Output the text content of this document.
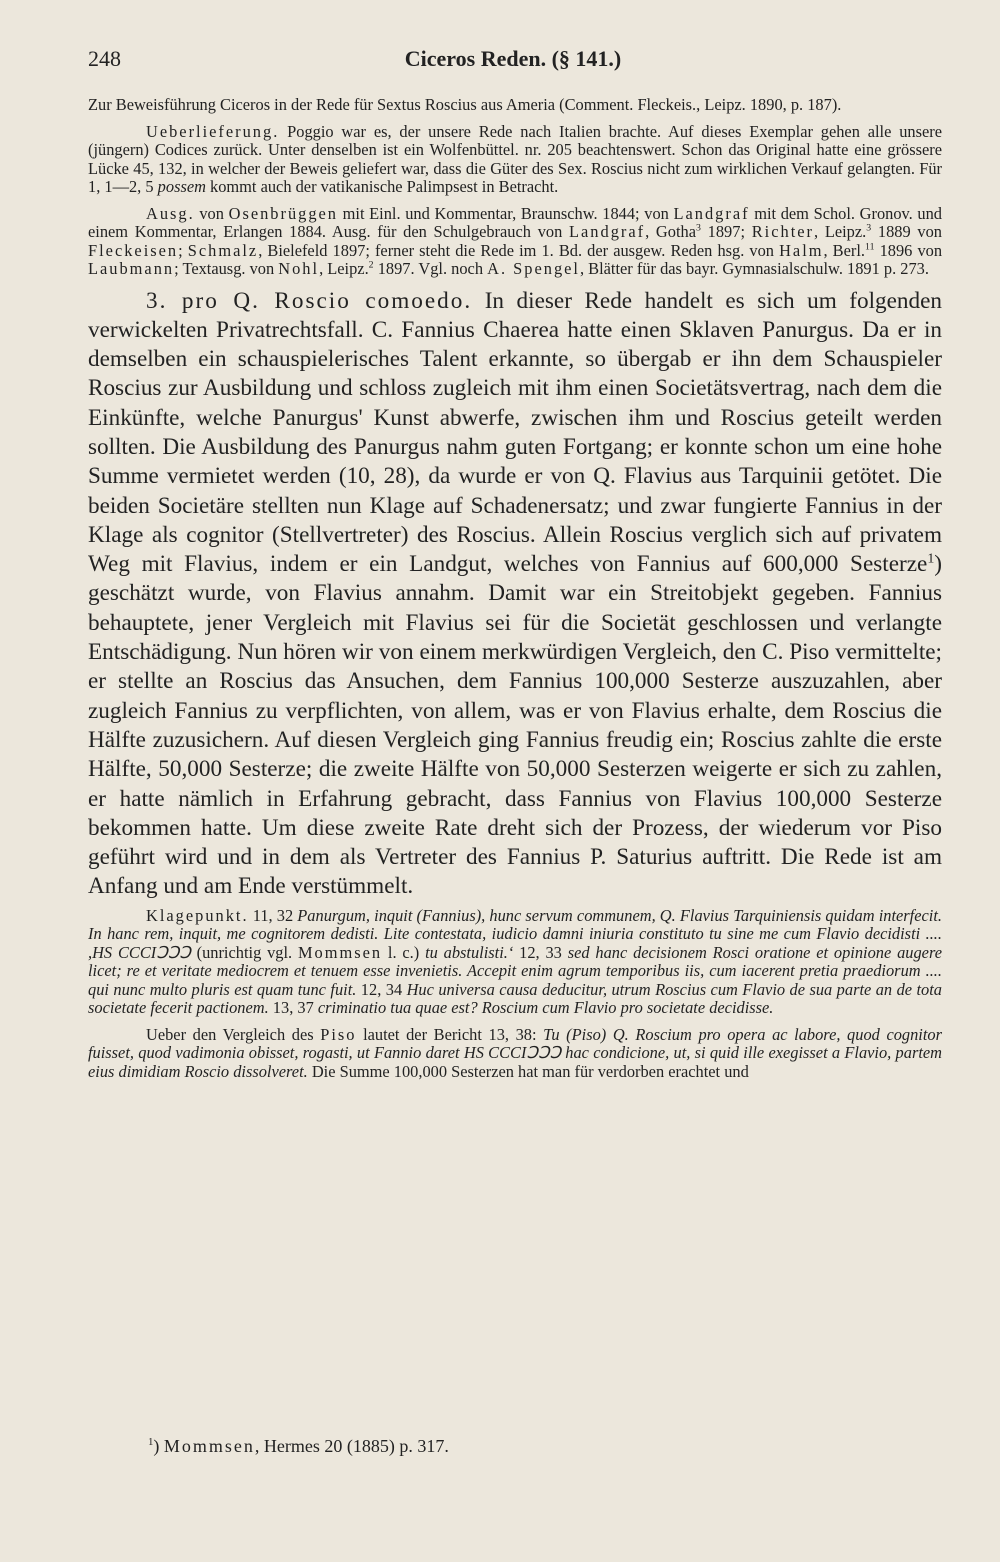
248	Ciceros Reden. (§ 141.)

Zur Beweisführung Ciceros in der Rede für Sextus Roscius aus Ameria (Comment. Fleckeis., Leipz. 1890, p. 187).

Ueberlieferung. Poggio war es, der unsere Rede nach Italien brachte. Auf dieses Exemplar gehen alle unsere (jüngern) Codices zurück. Unter denselben ist ein Wolfenbüttel. nr. 205 beachtenswert. Schon das Original hatte eine grössere Lücke 45, 132, in welcher der Beweis geliefert war, dass die Güter des Sex. Roscius nicht zum wirklichen Verkauf gelangten. Für 1, 1—2, 5 possem kommt auch der vatikanische Palimpsest in Betracht.

Ausg. von Osenbrüggen mit Einl. und Kommentar, Braunschw. 1844; von Landgraf mit dem Schol. Gronov. und einem Kommentar, Erlangen 1884. Ausg. für den Schulgebrauch von Landgraf, Gotha$^3$ 1897; Richter, Leipz.$^3$ 1889 von Fleckeisen; Schmalz, Bielefeld 1897; ferner steht die Rede im 1. Bd. der ausgew. Reden hsg. von Halm, Berl.$^{11}$ 1896 von Laubmann; Textausg. von Nohl, Leipz.$^2$ 1897. Vgl. noch A. Spengel, Blätter für das bayr. Gymnasialschulw. 1891 p. 273.

3. pro Q. Roscio comoedo. In dieser Rede handelt es sich um folgenden verwickelten Privatrechtsfall. C. Fannius Chaerea hatte einen Sklaven Panurgus. Da er in demselben ein schauspielerisches Talent erkannte, so übergab er ihn dem Schauspieler Roscius zur Ausbildung und schloss zugleich mit ihm einen Societätsvertrag, nach dem die Einkünfte, welche Panurgus' Kunst abwerfe, zwischen ihm und Roscius geteilt werden sollten. Die Ausbildung des Panurgus nahm guten Fortgang; er konnte schon um eine hohe Summe vermietet werden (10, 28), da wurde er von Q. Flavius aus Tarquinii getötet. Die beiden Societäre stellten nun Klage auf Schadenersatz; und zwar fungierte Fannius in der Klage als cognitor (Stellvertreter) des Roscius. Allein Roscius verglich sich auf privatem Weg mit Flavius, indem er ein Landgut, welches von Fannius auf 600,000 Sesterze$^1$) geschätzt wurde, von Flavius annahm. Damit war ein Streitobjekt gegeben. Fannius behauptete, jener Vergleich mit Flavius sei für die Societät geschlossen und verlangte Entschädigung. Nun hören wir von einem merkwürdigen Vergleich, den C. Piso vermittelte; er stellte an Roscius das Ansuchen, dem Fannius 100,000 Sesterze auszuzahlen, aber zugleich Fannius zu verpflichten, von allem, was er von Flavius erhalte, dem Roscius die Hälfte zuzusichern. Auf diesen Vergleich ging Fannius freudig ein; Roscius zahlte die erste Hälfte, 50,000 Sesterze; die zweite Hälfte von 50,000 Sesterzen weigerte er sich zu zahlen, er hatte nämlich in Erfahrung gebracht, dass Fannius von Flavius 100,000 Sesterze bekommen hatte. Um diese zweite Rate dreht sich der Prozess, der wiederum vor Piso geführt wird und in dem als Vertreter des Fannius P. Saturius auftritt. Die Rede ist am Anfang und am Ende verstümmelt.

Klagepunkt. 11, 32 Panurgum, inquit (Fannius), hunc servum communem, Q. Flavius Tarquiniensis quidam interfecit. In hanc rem, inquit, me cognitorem dedisti. Lite contestata, iudicio damni iniuria constituto tu sine me cum Flavio decidisti .... ,HS CCCIↃↃↃ (unrichtig vgl. Mommsen l. c.) tu abstulisti.‘ 12, 33 sed hanc decisionem Rosci oratione et opinione augere licet; re et veritate mediocrem et tenuem esse invenietis. Accepit enim agrum temporibus iis, cum iacerent pretia praediorum .... qui nunc multo pluris est quam tunc fuit. 12, 34 Huc universa causa deducitur, utrum Roscius cum Flavio de sua parte an de tota societate fecerit pactionem. 13, 37 criminatio tua quae est? Roscium cum Flavio pro societate decidisse.

Ueber den Vergleich des Piso lautet der Bericht 13, 38: Tu (Piso) Q. Roscium pro opera ac labore, quod cognitor fuisset, quod vadimonia obisset, rogasti, ut Fannio daret HS CCCIↃↃↃ hac condicione, ut, si quid ille exegisset a Flavio, partem eius dimidiam Roscio dissolveret. Die Summe 100,000 Sesterzen hat man für verdorben erachtet und

$^1$) Mommsen, Hermes 20 (1885) p. 317.
